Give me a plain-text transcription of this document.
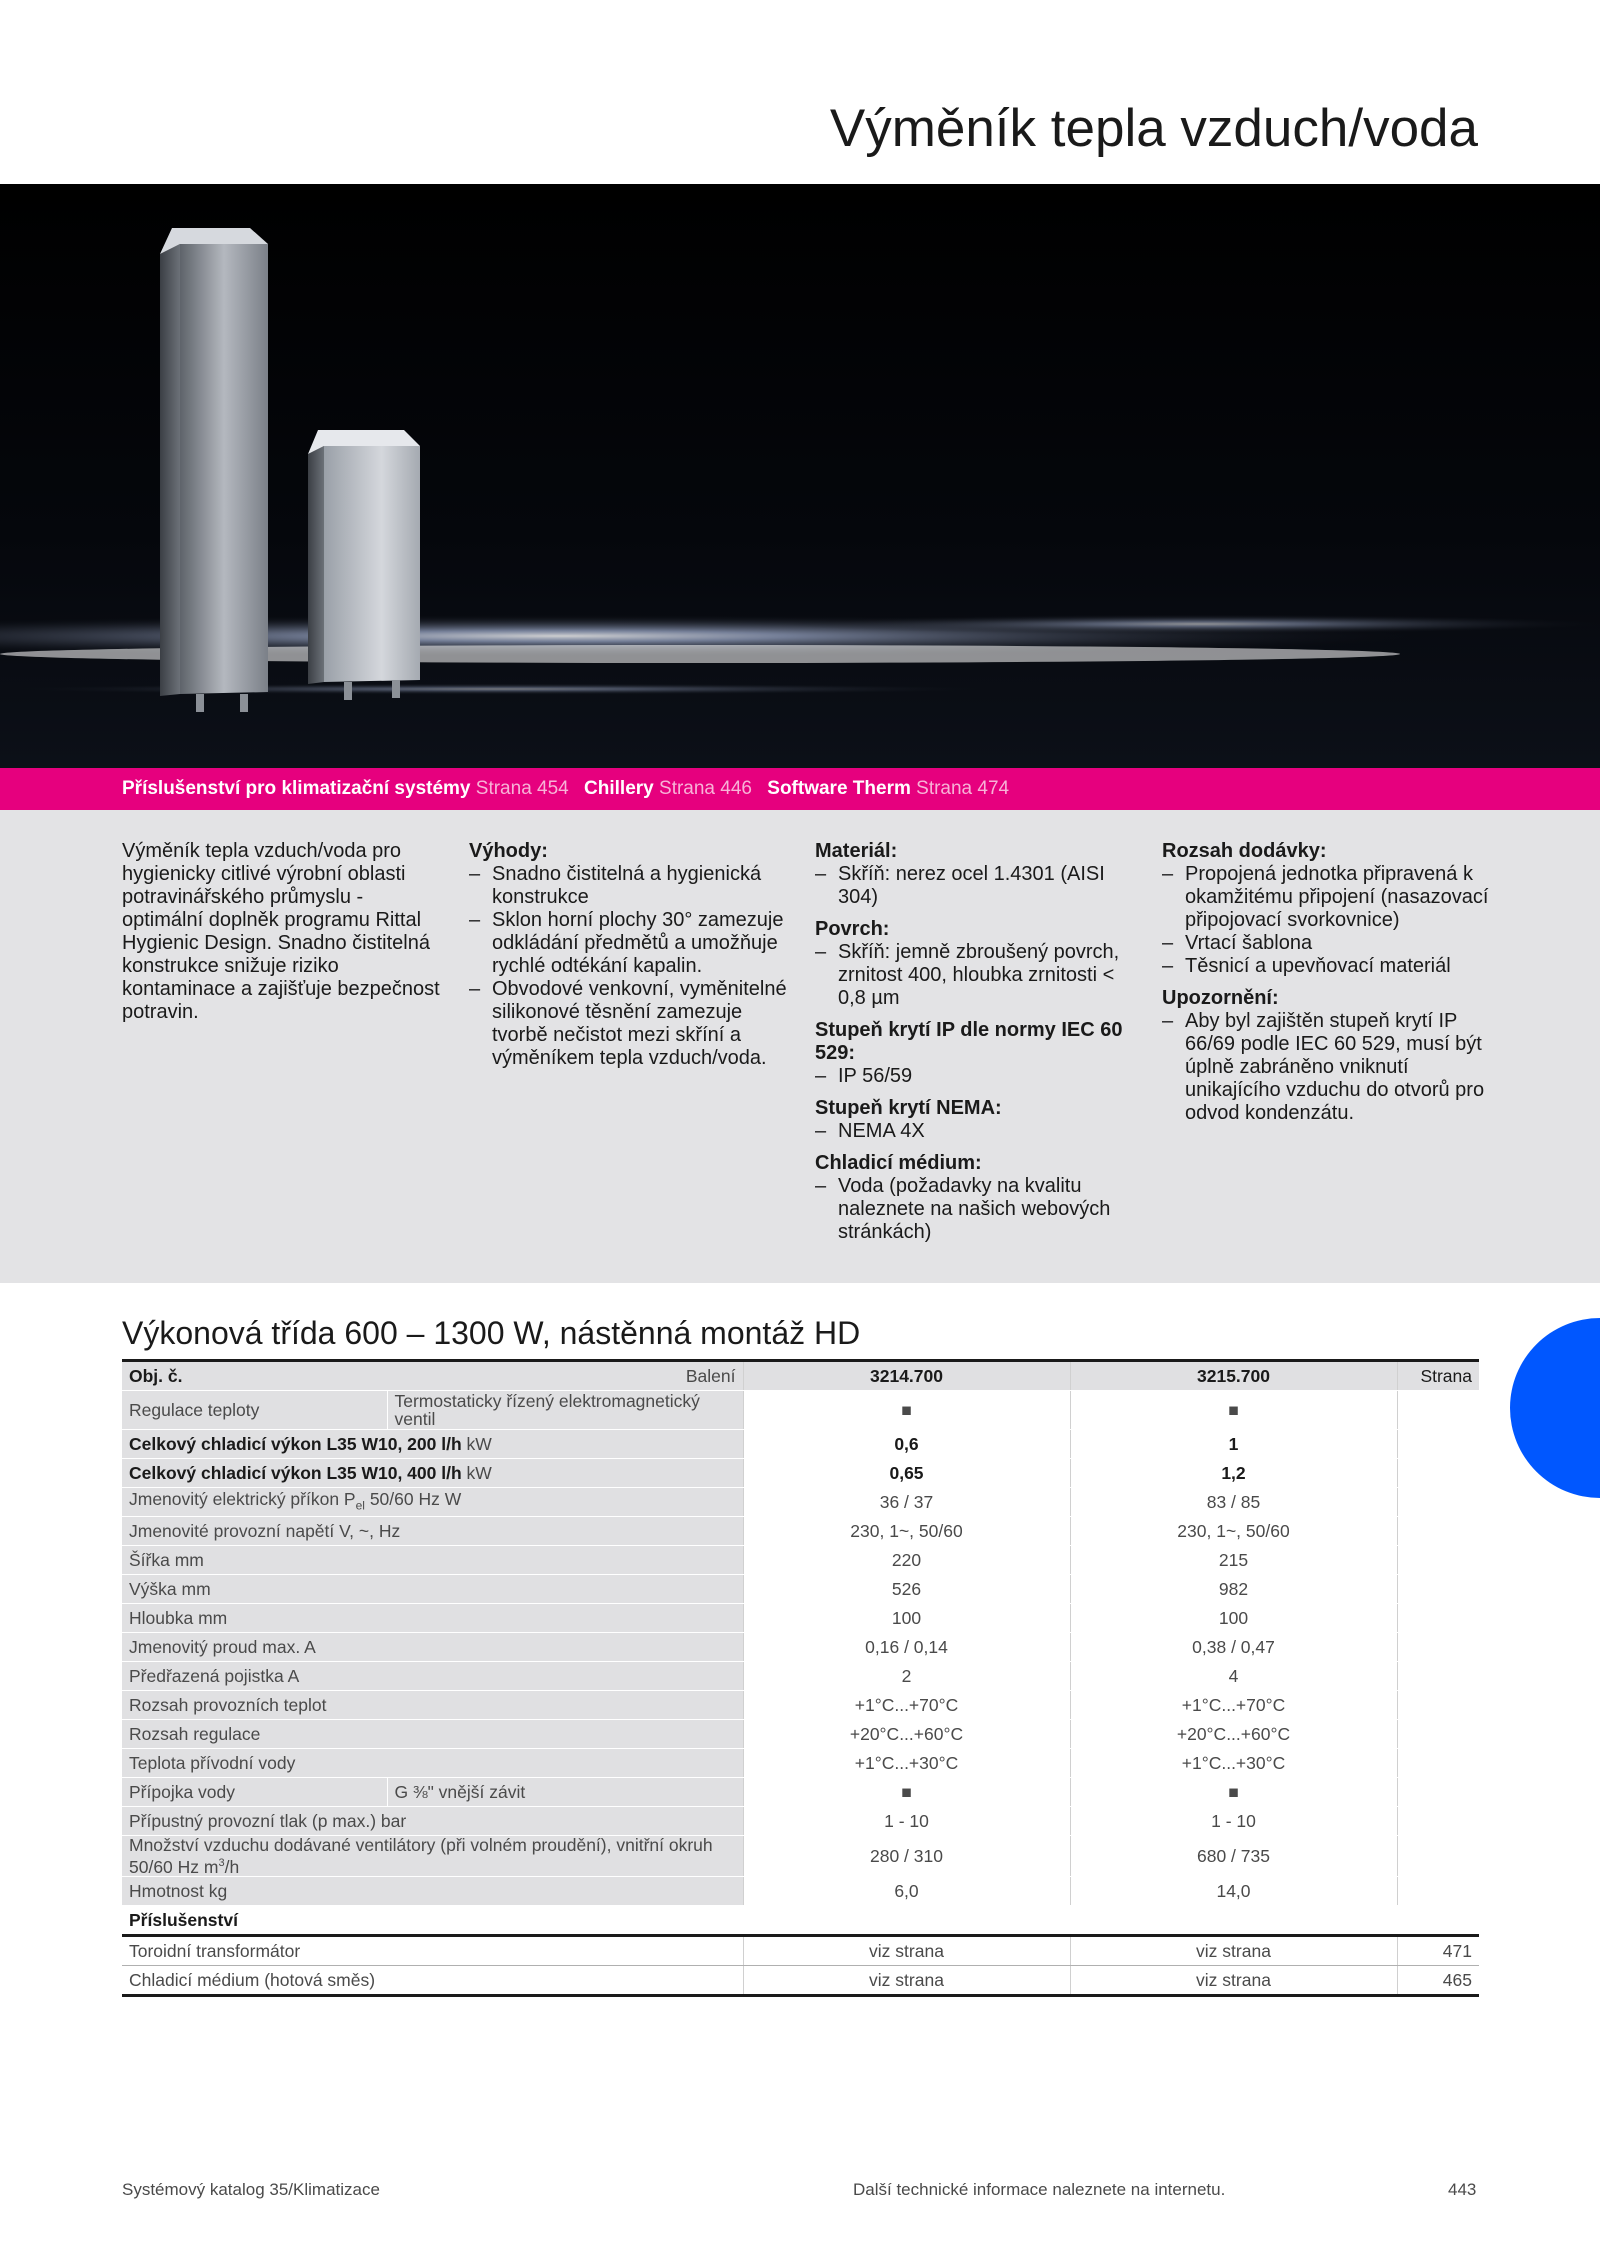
Výměník tepla vzduch/voda
Příslušenství pro klimatizační systémy Strana 454 Chillery Strana 446 Software Therm Strana 474
Výměník tepla vzduch/voda pro hygienicky citlivé výrobní oblasti potravinářského průmyslu - optimální doplněk programu Rittal Hygienic Design. Snadno čistitelná konstrukce snižuje riziko kontaminace a zajišťuje bezpečnost potravin.
Výhody:
– Snadno čistitelná a hygienická konstrukce
– Sklon horní plochy 30° zamezuje odkládání předmětů a umožňuje rychlé odtékání kapalin.
– Obvodové venkovní, vyměnitelné silikonové těsnění zamezuje tvorbě nečistot mezi skříní a výměníkem tepla vzduch/voda.
Materiál:
– Skříň: nerez ocel 1.4301 (AISI 304)
Povrch:
– Skříň: jemně zbroušený povrch, zrnitost 400, hloubka zrnitosti < 0,8 µm
Stupeň krytí IP dle normy IEC 60 529:
– IP 56/59
Stupeň krytí NEMA:
– NEMA 4X
Chladicí médium:
– Voda (požadavky na kvalitu naleznete na našich webových stránkách)
Rozsah dodávky:
– Propojená jednotka připravená k okamžitému připojení (nasazovací připojovací svorkovnice)
– Vrtací šablona
– Těsnicí a upevňovací materiál
Upozornění:
– Aby byl zajištěn stupeň krytí IP 66/69 podle IEC 60 529, musí být úplně zabráněno vniknutí unikajícího vzduchu do otvorů pro odvod kondenzátu.
Výkonová třída 600 – 1300 W, nástěnná montáž HD
Obj. č.		Balení	3214.700	3215.700	Strana
Regulace teploty	Termostaticky řízený elektromagnetický ventil		■	■	
Celkový chladicí výkon L35 W10, 200 l/h kW			0,6	1	
Celkový chladicí výkon L35 W10, 400 l/h kW			0,65	1,2	
Jmenovitý elektrický příkon $P_{el}$ 50/60 Hz W			36 / 37	83 / 85	
Jmenovité provozní napětí V, ~, Hz			230, 1~, 50/60	230, 1~, 50/60	
Šířka mm			220	215	
Výška mm			526	982	
Hloubka mm			100	100	
Jmenovitý proud max. A			0,16 / 0,14	0,38 / 0,47	
Předřazená pojistka A			2	4	
Rozsah provozních teplot			+1°C...+70°C	+1°C...+70°C	
Rozsah regulace			+20°C...+60°C	+20°C...+60°C	
Teplota přívodní vody			+1°C...+30°C	+1°C...+30°C	
Přípojka vody	G ⅜" vnější závit		■	■	
Přípustný provozní tlak (p max.) bar			1 - 10	1 - 10	
Množství vzduchu dodávané ventilátory (při volném proudění), vnitřní okruh 50/60 Hz $m^3/h$			280 / 310	680 / 735	
Hmotnost kg			6,0	14,0	
Příslušenství					
Toroidní transformátor			viz strana	viz strana	471
Chladicí médium (hotová směs)			viz strana	viz strana	465
Systémový katalog 35/Klimatizace	Další technické informace naleznete na internetu.	443
